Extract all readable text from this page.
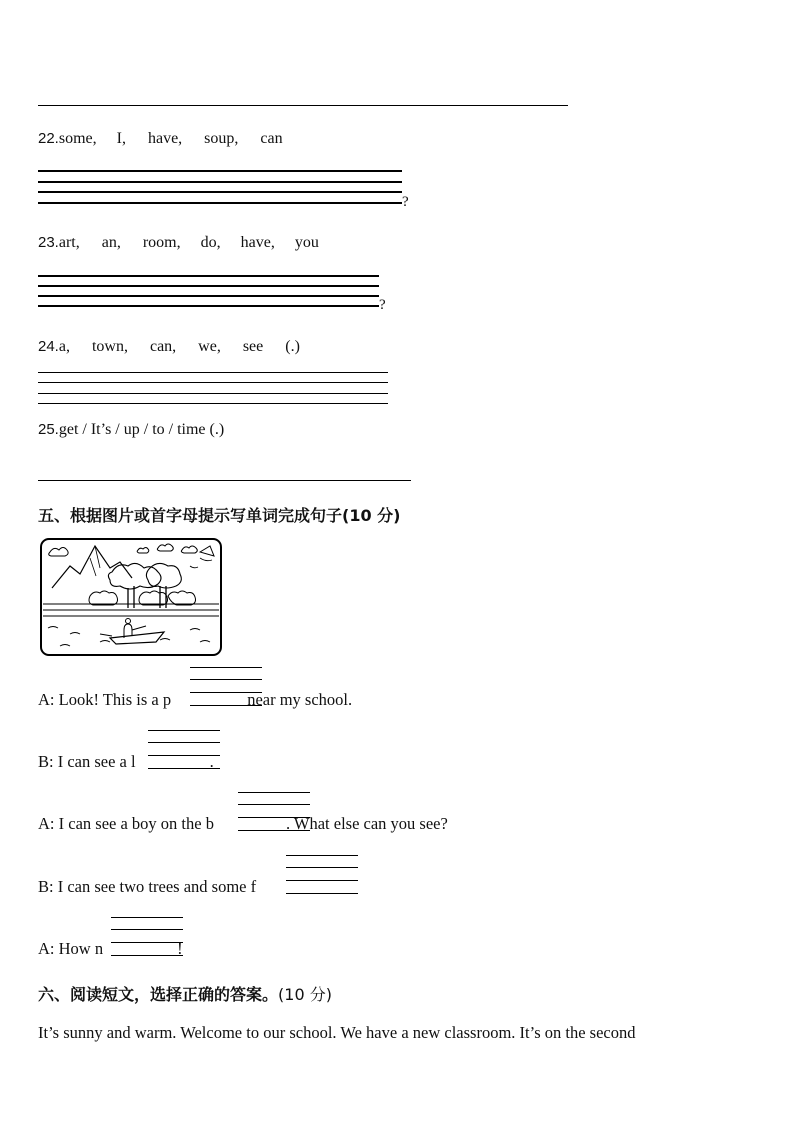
22.some, I, have, soup, can
?
23.art, an, room, do, have, you
?
24.a, town, can, we, see (.)
25.get / It’s / up / to / time (.)
五、根据图片或首字母提示写单词完成句子(10 分)
A: Look! This is a p	near my school.
B: I can see a l	.
A: I can see a boy on the b	. What else can you see?
B: I can see two trees and some f
A: How n	!
六、阅读短文，选择正确的答案。(10 分)
It’s sunny and warm. Welcome to our school. We have a new classroom. It’s on the second
